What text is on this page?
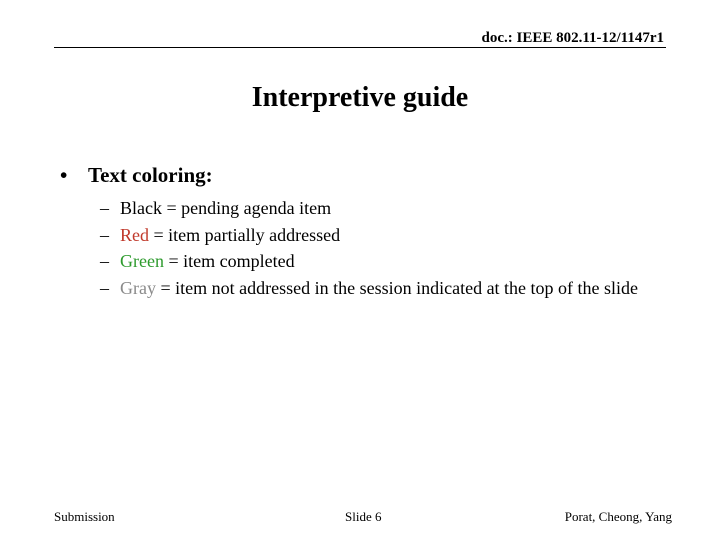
doc.: IEEE 802.11-12/1147r1
Interpretive guide
• Text coloring:
– Black = pending agenda item
– Red = item partially addressed
– Green = item completed
– Gray = item not addressed in the session indicated at the top of the slide
Submission	Slide 6	Porat, Cheong, Yang
